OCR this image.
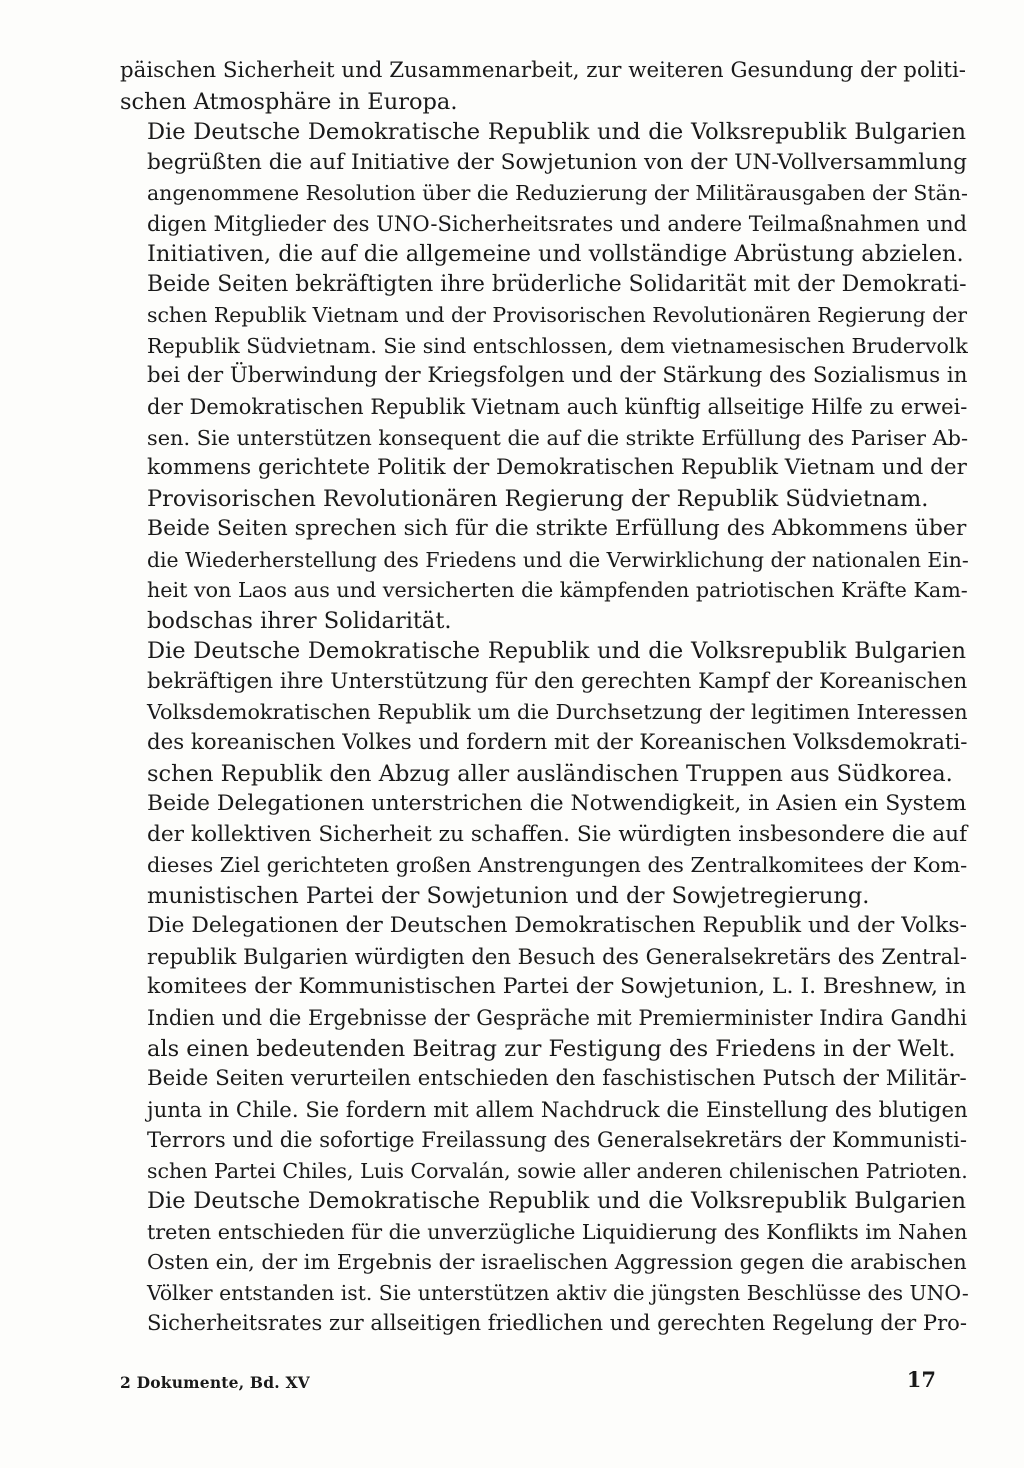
päischen Sicherheit und Zusammenarbeit, zur weiteren Gesundung der politi-
schen Atmosphäre in Europa.

Die Deutsche Demokratische Republik und die Volksrepublik Bulgarien
begrüßten die auf Initiative der Sowjetunion von der UN-Vollversammlung
angenommene Resolution über die Reduzierung der Militärausgaben der Stän-
digen Mitglieder des UNO-Sicherheitsrates und andere Teilmaßnahmen und
Initiativen, die auf die allgemeine und vollständige Abrüstung abzielen.

Beide Seiten bekräftigten ihre brüderliche Solidarität mit der Demokrati-
schen Republik Vietnam und der Provisorischen Revolutionären Regierung der
Republik Südvietnam. Sie sind entschlossen, dem vietnamesischen Brudervolk
bei der Überwindung der Kriegsfolgen und der Stärkung des Sozialismus in
der Demokratischen Republik Vietnam auch künftig allseitige Hilfe zu erwei-
sen. Sie unterstützen konsequent die auf die strikte Erfüllung des Pariser Ab-
kommens gerichtete Politik der Demokratischen Republik Vietnam und der
Provisorischen Revolutionären Regierung der Republik Südvietnam.

Beide Seiten sprechen sich für die strikte Erfüllung des Abkommens über
die Wiederherstellung des Friedens und die Verwirklichung der nationalen Ein-
heit von Laos aus und versicherten die kämpfenden patriotischen Kräfte Kam-
bodschas ihrer Solidarität.

Die Deutsche Demokratische Republik und die Volksrepublik Bulgarien
bekräftigen ihre Unterstützung für den gerechten Kampf der Koreanischen
Volksdemokratischen Republik um die Durchsetzung der legitimen Interessen
des koreanischen Volkes und fordern mit der Koreanischen Volksdemokrati-
schen Republik den Abzug aller ausländischen Truppen aus Südkorea.

Beide Delegationen unterstrichen die Notwendigkeit, in Asien ein System
der kollektiven Sicherheit zu schaffen. Sie würdigten insbesondere die auf
dieses Ziel gerichteten großen Anstrengungen des Zentralkomitees der Kom-
munistischen Partei der Sowjetunion und der Sowjetregierung.

Die Delegationen der Deutschen Demokratischen Republik und der Volks-
republik Bulgarien würdigten den Besuch des Generalsekretärs des Zentral-
komitees der Kommunistischen Partei der Sowjetunion, L. I. Breshnew, in
Indien und die Ergebnisse der Gespräche mit Premierminister Indira Gandhi
als einen bedeutenden Beitrag zur Festigung des Friedens in der Welt.

Beide Seiten verurteilen entschieden den faschistischen Putsch der Militär-
junta in Chile. Sie fordern mit allem Nachdruck die Einstellung des blutigen
Terrors und die sofortige Freilassung des Generalsekretärs der Kommunisti-
schen Partei Chiles, Luis Corvalán, sowie aller anderen chilenischen Patrioten.

Die Deutsche Demokratische Republik und die Volksrepublik Bulgarien
treten entschieden für die unverzügliche Liquidierung des Konflikts im Nahen
Osten ein, der im Ergebnis der israelischen Aggression gegen die arabischen
Völker entstanden ist. Sie unterstützen aktiv die jüngsten Beschlüsse des UNO-
Sicherheitsrates zur allseitigen friedlichen und gerechten Regelung der Pro-

2 Dokumente, Bd. XV	17
